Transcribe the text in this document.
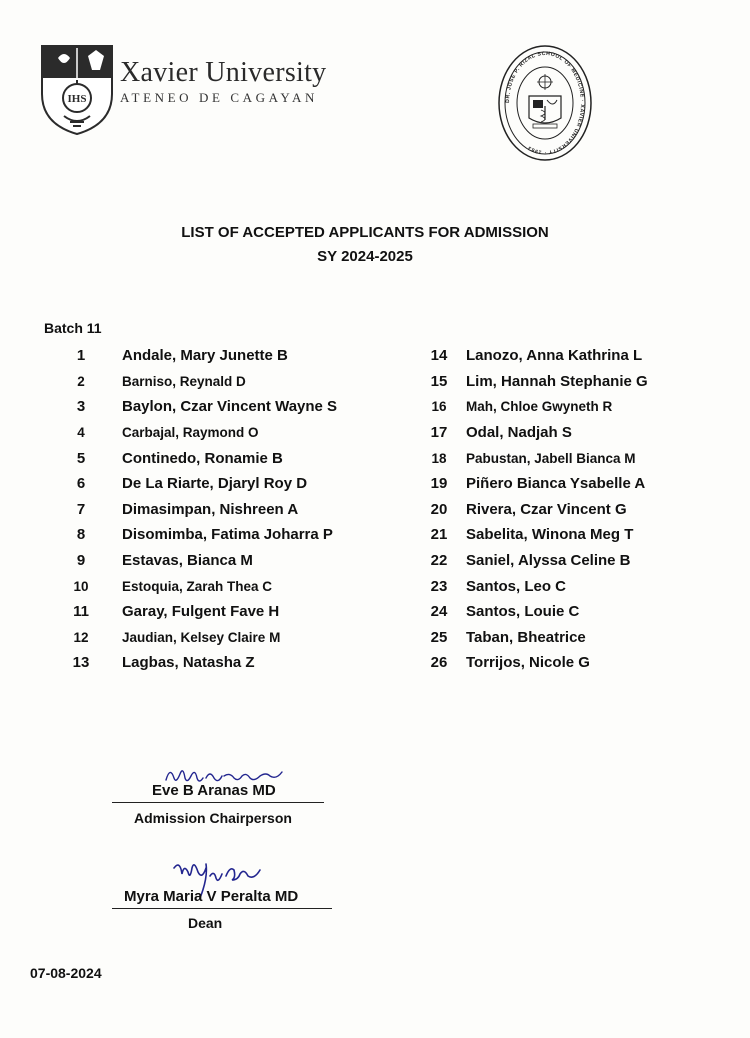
IHS
Xavier University
ATENEO DE CAGAYAN	DR. JOSE P. RIZAL SCHOOL OF MEDICINE · XAVIER UNIVERSITY · 1983
LIST OF ACCEPTED APPLICANTS FOR ADMISSION
SY 2024-2025
Batch 11
1	Andale, Mary Junette B
2	Barniso, Reynald D
3	Baylon, Czar Vincent Wayne S
4	Carbajal, Raymond O
5	Continedo, Ronamie B
6	De La Riarte, Djaryl Roy D
7	Dimasimpan, Nishreen A
8	Disomimba, Fatima Joharra P
9	Estavas, Bianca M
10	Estoquia, Zarah Thea C
11	Garay, Fulgent Fave H
12	Jaudian, Kelsey Claire M
13	Lagbas, Natasha Z
14	Lanozo, Anna Kathrina L
15	Lim, Hannah Stephanie G
16	Mah, Chloe Gwyneth R
17	Odal, Nadjah S
18	Pabustan, Jabell Bianca M
19	Piñero Bianca Ysabelle A
20	Rivera, Czar Vincent G
21	Sabelita, Winona Meg T
22	Saniel, Alyssa Celine B
23	Santos, Leo C
24	Santos, Louie C
25	Taban, Bheatrice
26	Torrijos, Nicole G
Eve B Aranas MD
Admission Chairperson
Myra Maria V Peralta MD
Dean
07-08-2024
